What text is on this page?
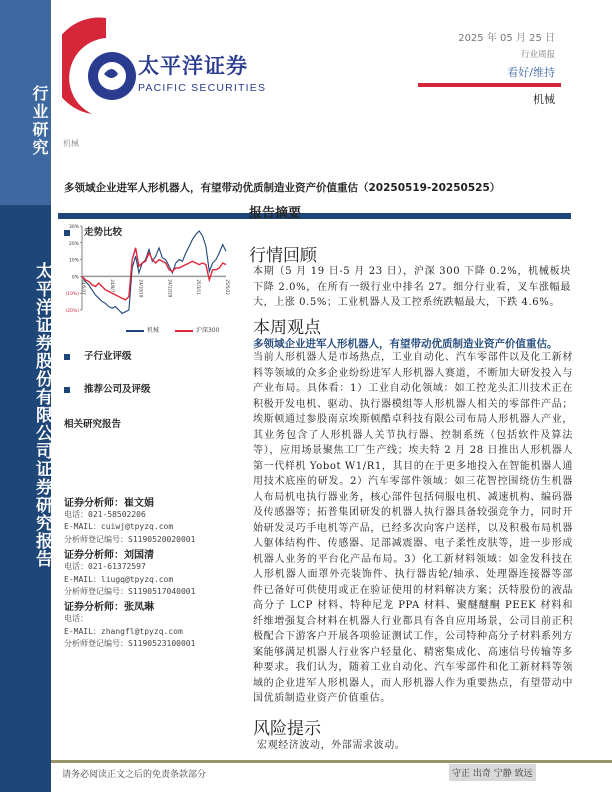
行业研究
太平洋证券股份有限公司证券研究报告
太平洋证券
PACIFIC SECURITIES
2025 年 05 月 25 日
行业周报
看好/维持
机械
机械
多领域企业进军人形机器人，有望带动优质制造业资产价值重估（20250519-20250525）
走势比较
30%
20%
10%
0%
(10%)
(20%)
24/5/27	24/8/7	24/10/18	24/12/29	25/3/11	25/5/22
机械	沪深300
子行业评级
推荐公司及评级
相关研究报告
证券分析师：崔文娟
电话：021-58502206
E-MAIL：cuiwj@tpyzq.com
分析师登记编号：S1190520020001
证券分析师：刘国清
电话：021-61372597
E-MAIL：liugq@tpyzq.com
分析师登记编号：S1190517040001
证券分析师：张凤琳
电话：
E-MAIL：zhangfl@tpyzq.com
分析师登记编号：S1190523100001
报告摘要
行情回顾
本期（5 月 19 日-5 月 23 日），沪深 300 下降 0.2%，机械板块下降 2.0%，在所有一级行业中排名 27。细分行业看，叉车涨幅最大，上涨 0.5%；工业机器人及工控系统跌幅最大，下跌 4.6%。
本周观点
多领域企业进军人形机器人，有望带动优质制造业资产价值重估。
当前人形机器人是市场热点，工业自动化、汽车零部件以及化工新材料等领域的众多企业纷纷进军人形机器人赛道，不断加大研发投入与产业布局。具体看：1）工业自动化领域：如工控龙头汇川技术正在积极开发电机、驱动、执行器模组等人形机器人相关的零部件产品；埃斯顿通过参股南京埃斯顿酷卓科技有限公司布局人形机器人产业，其业务包含了人形机器人关节执行器、控制系统（包括软件及算法等），应用场景聚焦工厂生产线；埃夫特 2 月 28 日推出人形机器人第一代样机 Yobot W1/R1，其目的在于更多地投入在智能机器人通用技术底座的研发。2）汽车零部件领域：如三花智控围绕仿生机器人布局机电执行器业务，核心部件包括伺服电机、减速机构、编码器及传感器等；拓普集团研发的机器人执行器具备较强竞争力，同时开始研发灵巧手电机等产品，已经多次向客户送样，以及积极布局机器人躯体结构件、传感器、足部减震器、电子柔性皮肤等，进一步形成机器人业务的平台化产品布局。3）化工新材料领域：如金发科技在人形机器人面罩外壳装饰件、执行器齿轮/轴承、处理器连接器等部件已备好可供使用或正在验证使用的材料解决方案；沃特股份的液晶高分子 LCP 材料、特种尼龙 PPA 材料、聚醚醚酮 PEEK 材料和纤维增强复合材料在机器人行业都具有各自应用场景，公司目前正积极配合下游客户开展各项验证测试工作，公司特种高分子材料系列方案能够满足机器人行业客户轻量化、精密集成化、高速信号传输等多种要求。我们认为，随着工业自动化、汽车零部件和化工新材料等领域的企业进军人形机器人，而人形机器人作为重要热点，有望带动中国优质制造业资产价值重估。
风险提示
宏观经济波动，外部需求波动。
请务必阅读正文之后的免责条款部分	守正 出奇 宁静 致远
